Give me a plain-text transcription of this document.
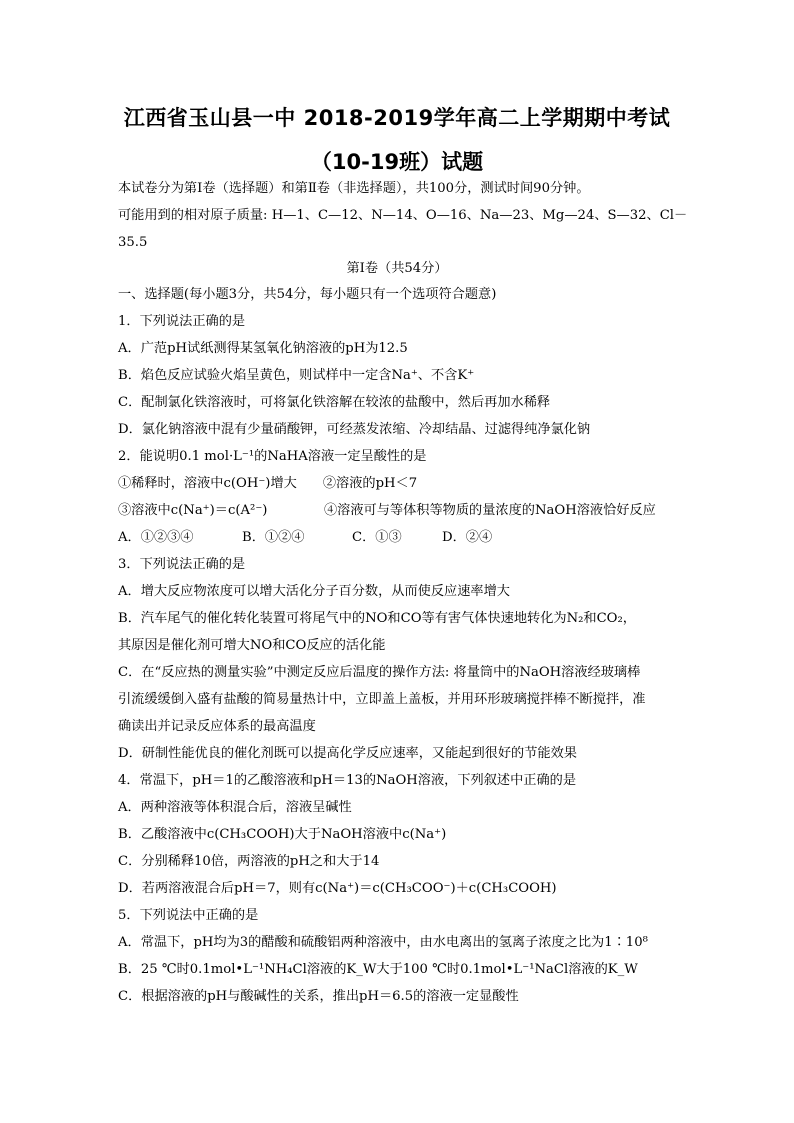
江西省玉山县一中 2018-2019学年高二上学期期中考试
（10-19班）试题
本试卷分为第Ⅰ卷（选择题）和第Ⅱ卷（非选择题），共100分，测试时间90分钟。
可能用到的相对原子质量: H—1、C—12、N—14、O—16、Na—23、Mg—24、S—32、Cl－
35.5
第Ⅰ卷（共54分）
一、选择题(每小题3分，共54分，每小题只有一个选项符合题意)
1．下列说法正确的是
A．广范pH试纸测得某氢氧化钠溶液的pH为12.5
B．焰色反应试验火焰呈黄色，则试样中一定含Na⁺、不含K⁺
C．配制氯化铁溶液时，可将氯化铁溶解在较浓的盐酸中，然后再加水稀释
D．氯化钠溶液中混有少量硝酸钾，可经蒸发浓缩、冷却结晶、过滤得纯净氯化钠
2．能说明0.1 mol·L⁻¹的NaHA溶液一定呈酸性的是
①稀释时，溶液中c(OH⁻)增大 ②溶液的pH＜7
③溶液中c(Na⁺)＝c(A²⁻)	④溶液可与等体积等物质的量浓度的NaOH溶液恰好反应
A．①②③④	B．①②④	C．①③	D．②④
3．下列说法正确的是
A．增大反应物浓度可以增大活化分子百分数，从而使反应速率增大
B．汽车尾气的催化转化装置可将尾气中的NO和CO等有害气体快速地转化为N₂和CO₂，
其原因是催化剂可增大NO和CO反应的活化能
C．在“反应热的测量实验”中测定反应后温度的操作方法: 将量筒中的NaOH溶液经玻璃棒
引流缓缓倒入盛有盐酸的简易量热计中，立即盖上盖板，并用环形玻璃搅拌棒不断搅拌，准
确读出并记录反应体系的最高温度
D．研制性能优良的催化剂既可以提高化学反应速率，又能起到很好的节能效果
4．常温下，pH＝1的乙酸溶液和pH＝13的NaOH溶液，下列叙述中正确的是
A．两种溶液等体积混合后，溶液呈碱性
B．乙酸溶液中c(CH₃COOH)大于NaOH溶液中c(Na⁺)
C．分别稀释10倍，两溶液的pH之和大于14
D．若两溶液混合后pH＝7，则有c(Na⁺)＝c(CH₃COO⁻)＋c(CH₃COOH)
5．下列说法中正确的是
A．常温下，pH均为3的醋酸和硫酸铝两种溶液中，由水电离出的氢离子浓度之比为1∶10⁸
B．25 ℃时0.1mol•L⁻¹NH₄Cl溶液的K_W大于100 ℃时0.1mol•L⁻¹NaCl溶液的K_W
C．根据溶液的pH与酸碱性的关系，推出pH＝6.5的溶液一定显酸性
